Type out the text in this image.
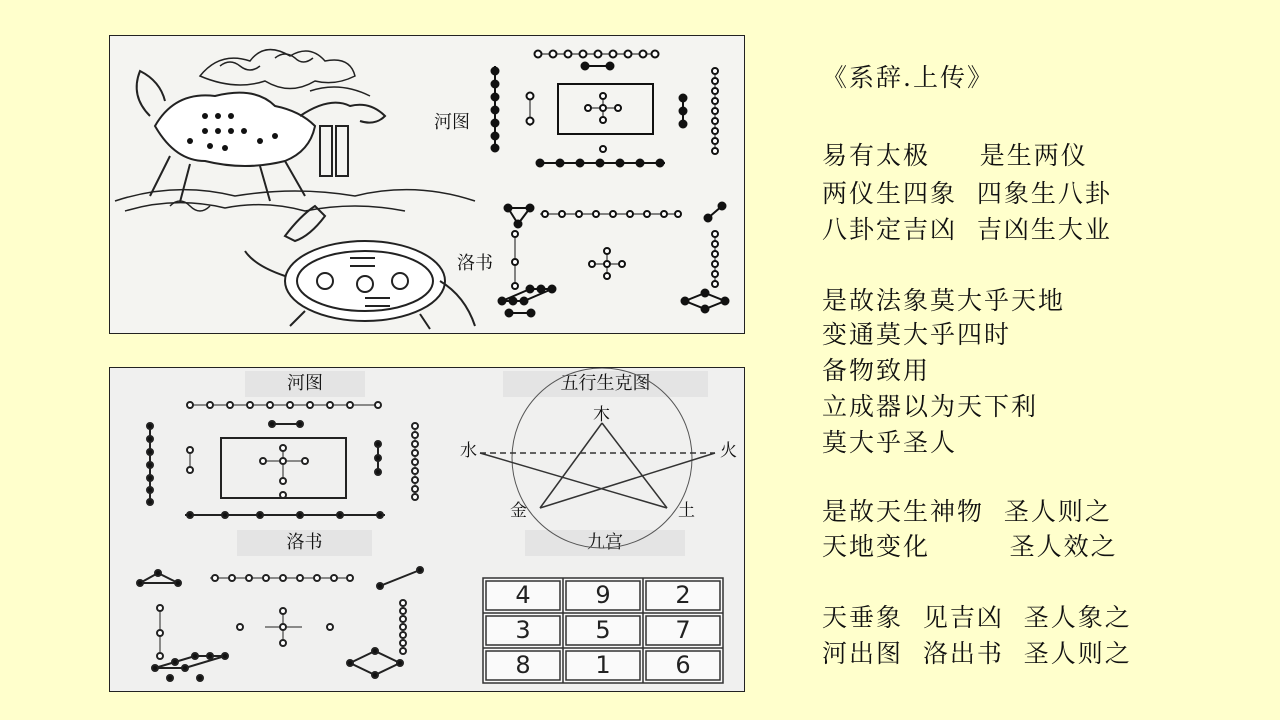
河图
洛书
河图	五行生克图
洛书	九宫
木
火
土
金
水
4	9	2
3	5	7
8	1	6
《系辞.上传》
易有太极     是生两仪
两仪生四象  四象生八卦
八卦定吉凶  吉凶生大业
是故法象莫大乎天地
变通莫大乎四时
备物致用
立成器以为天下利
莫大乎圣人
是故天生神物  圣人则之
天地变化        圣人效之
天垂象  见吉凶  圣人象之
河出图  洛出书  圣人则之
